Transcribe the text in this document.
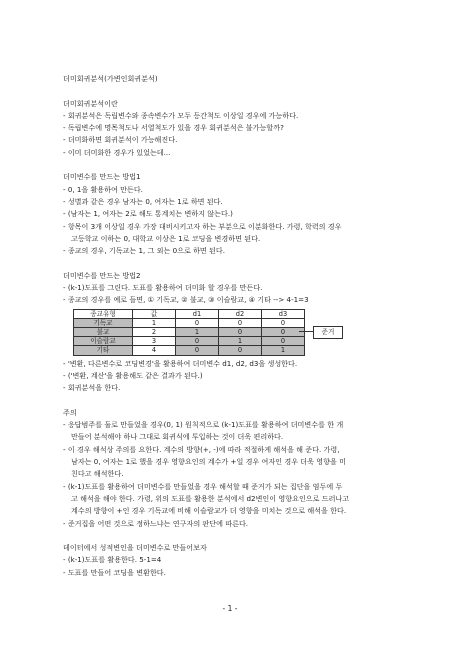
더미회귀분석(가변인회귀분석)
더미회귀분석이란
- 회귀분석은 독립변수와 종속변수가 모두 등간척도 이상일 경우에 가능하다.
- 독립변수에 명목척도나 서열척도가 있을 경우 회귀분석은 불가능할까?
- 더미화하면 회귀분석이 가능해진다.
- 이미 더미화한 경우가 있었는데...
더미변수를 만드는 방법1
- 0, 1을 활용하여 만든다.
- 성별과 같은 경우 남자는 0, 여자는 1로 하면 된다.
- (남자는 1, 여자는 2로 해도 통계치는 변하지 않는다.)
- 항목이 3개 이상일 경우 가장 대비시키고자 하는 부분으로 이분화한다. 가령, 학력의 경우
고등학교 이하는 0, 대학교 이상은 1로 코딩을 변경하면 된다.
- 종교의 경우, 기독교는 1, 그 외는 0으로 하면 된다.
더미변수를 만드는 방법2
- (k-1)도표를 그린다. 도표를 활용하여 더미화 할 경우를 만든다.
- 종교의 경우를 예로 들면, ① 기독교, ② 불교, ③ 이슬람교, ④ 기타 --> 4-1=3
종교유형	값	d1	d2	d3
기독교	1	0	0	0
불교	2	1	0	0
이슬람교	3	0	1	0
기타	4	0	0	1
준거
- '변환, 다른변수로 코딩변경'을 활용하여 더미변수 d1, d2, d3을 생성한다.
- ('변환, 계산'을 활용해도 같은 결과가 된다.)
- 회귀분석을 한다.
주의
- 응답범주를 둘로 만들었을 경우(0, 1) 원칙적으로 (k-1)도표를 활용하여 더미변수를 한 개
만들어 분석해야 하나 그대로 회귀식에 투입하는 것이 더욱 편리하다.
- 이 경우 해석상 주의를 요한다. 계수의 방향(+, -)에 따라 적절하게 해석을 해 준다. 가령,
남자는 0, 여자는 1로 했을 경우 영향요인의 계수가 +일 경우 여자인 경우 더욱 영향을 미
친다고 해석한다.
- (k-1)도표를 활용하여 더미변수를 만들었을 경우 해석할 때 준거가 되는 집단을 염두에 두
고 해석을 해야 한다. 가령, 위의 도표를 활용한 분석에서 d2변인이 영향요인으로 드러나고
계수의 방향이 +인 경우 기독교에 비해 이슬람교가 더 영향을 미치는 것으로 해석을 한다.
- 준거집을 어떤 것으로 정하느냐는 연구자의 판단에 따른다.
데이터에서 성적변인을 더미변수로 만들어보자
- (k-1)도표를 활용한다. 5-1=4
- 도표를 만들어 코딩을 변환한다.
- 1 -
